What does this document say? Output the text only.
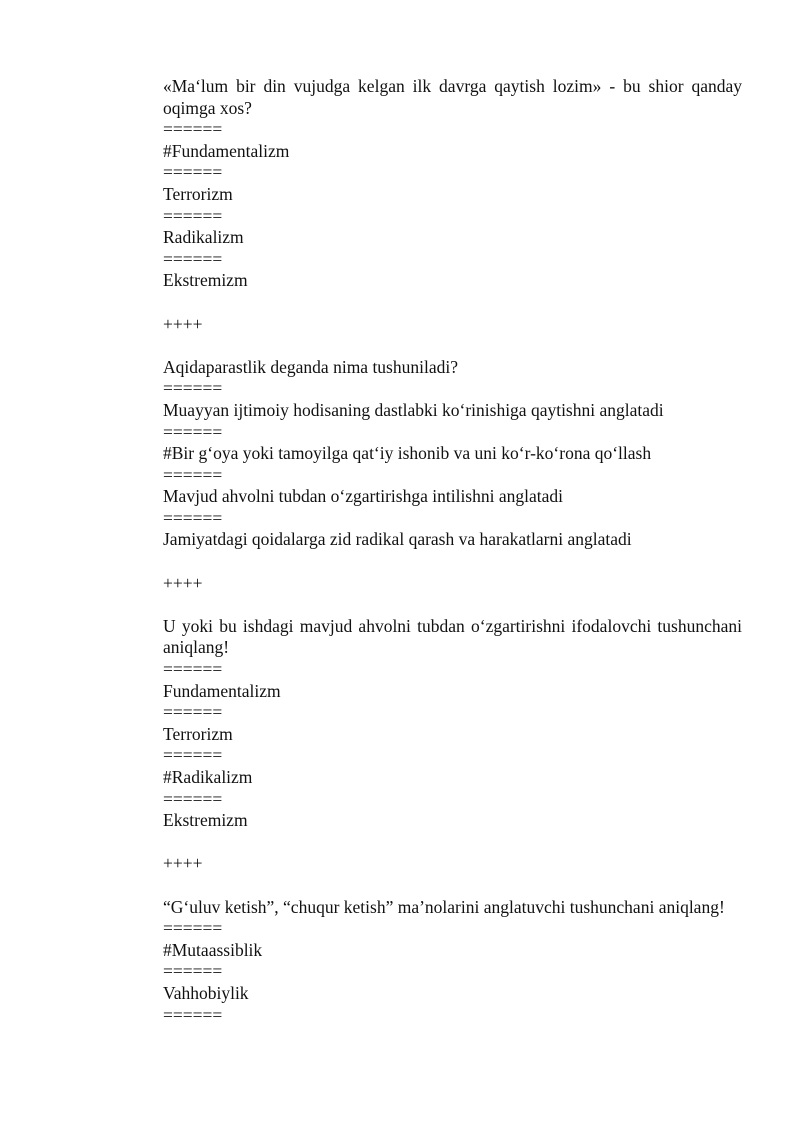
«Ma‘lum bir din vujudga kelgan ilk davrga qaytish lozim» - bu shior qanday oqimga xos?
======
#Fundamentalizm
======
Terrorizm
======
Radikalizm
======
Ekstremizm
++++
Aqidaparastlik deganda nima tushuniladi?
======
Muayyan ijtimoiy hodisaning dastlabki ko‘rinishiga qaytishni anglatadi
======
#Bir g‘oya yoki tamoyilga qat‘iy ishonib va uni ko‘r-ko‘rona qo‘llash
======
Mavjud ahvolni tubdan o‘zgartirishga intilishni anglatadi
======
Jamiyatdagi qoidalarga zid radikal qarash va harakatlarni anglatadi
++++
U yoki bu ishdagi mavjud ahvolni tubdan o‘zgartirishni ifodalovchi tushunchani aniqlang!
======
Fundamentalizm
======
Terrorizm
======
#Radikalizm
======
Ekstremizm
++++
“G‘uluv ketish”, “chuqur ketish” ma’nolarini anglatuvchi tushunchani aniqlang!
======
#Mutaassiblik
======
Vahhobiylik
======
